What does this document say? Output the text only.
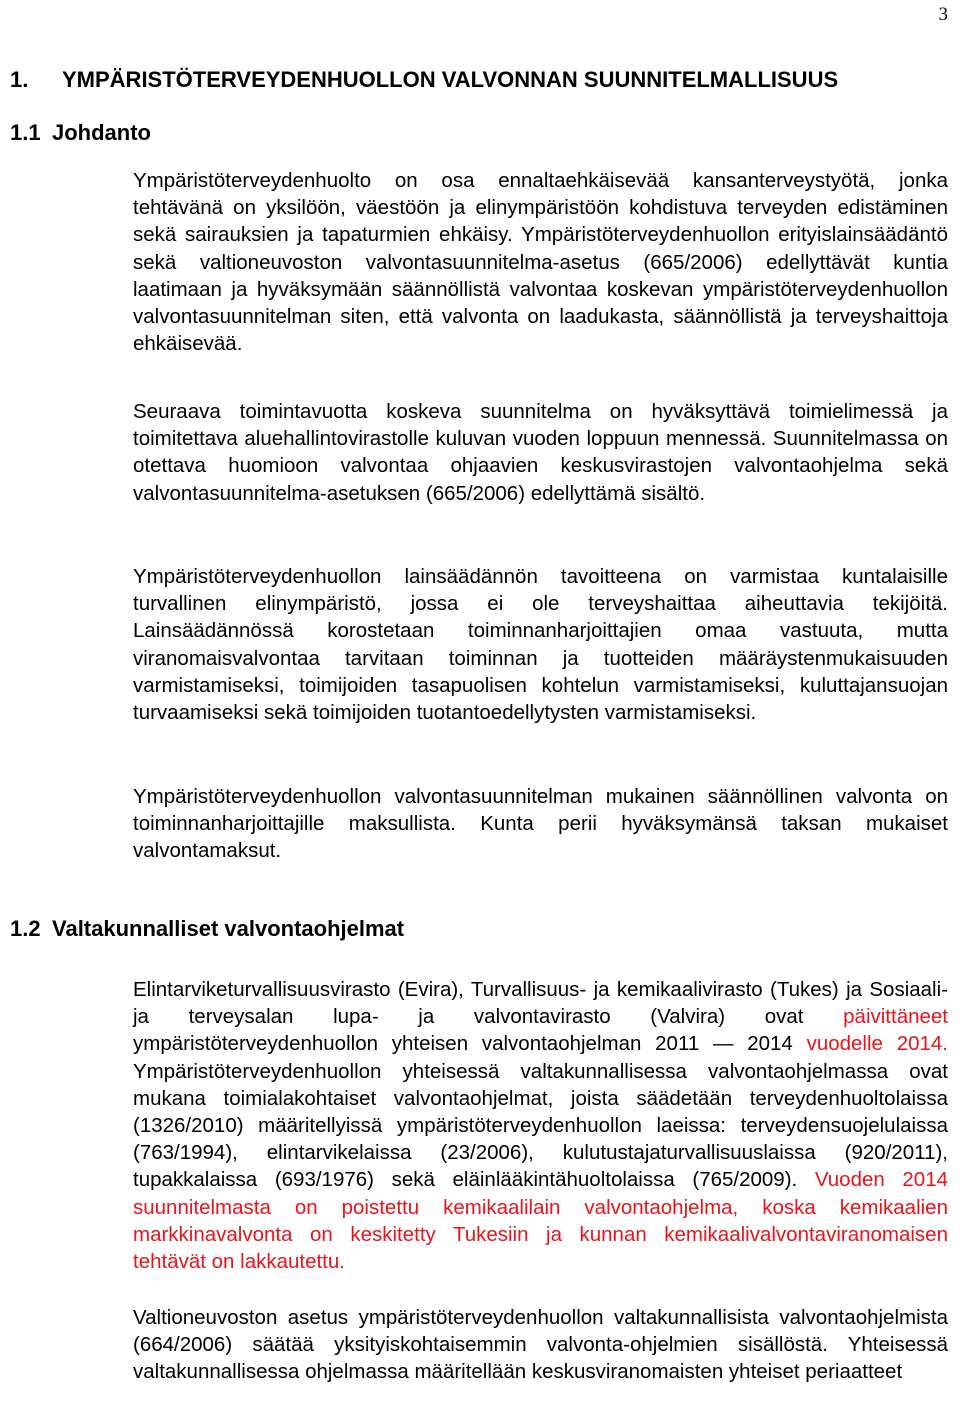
3
1. YMPÄRISTÖTERVEYDENHUOLLON VALVONNAN SUUNNITELMALLISUUS
1.1 Johdanto

Ympäristöterveydenhuolto on osa ennaltaehkäisevää kansanterveystyötä, jonka tehtävänä on yksilöön, väestöön ja elinympäristöön kohdistuva terveyden edistäminen sekä sairauksien ja tapaturmien ehkäisy. Ympäristöterveydenhuollon erityislainsäädäntö sekä valtioneuvoston valvontasuunnitelma-asetus (665/2006) edellyttävät kuntia laatimaan ja hyväksymään säännöllistä valvontaa koskevan ympäristöterveydenhuollon valvontasuunnitelman siten, että valvonta on laadukasta, säännöllistä ja terveyshaittoja ehkäisevää.

Seuraava toimintavuotta koskeva suunnitelma on hyväksyttävä toimielimessä ja toimitettava aluehallintovirastolle kuluvan vuoden loppuun mennessä. Suunnitelmassa on otettava huomioon valvontaa ohjaavien keskusvirastojen valvontaohjelma sekä valvontasuunnitelma-asetuksen (665/2006) edellyttämä sisältö.

Ympäristöterveydenhuollon lainsäädännön tavoitteena on varmistaa kuntalaisille turvallinen elinympäristö, jossa ei ole terveyshaittaa aiheuttavia tekijöitä. Lainsäädännössä korostetaan toiminnanharjoittajien omaa vastuuta, mutta viranomaisvalvontaa tarvitaan toiminnan ja tuotteiden määräystenmukaisuuden varmistamiseksi, toimijoiden tasapuolisen kohtelun varmistamiseksi, kuluttajansuojan turvaamiseksi sekä toimijoiden tuotantoedellytysten varmistamiseksi.

Ympäristöterveydenhuollon valvontasuunnitelman mukainen säännöllinen valvonta on toiminnanharjoittajille maksullista. Kunta perii hyväksymänsä taksan mukaiset valvontamaksut.

1.2 Valtakunnalliset valvontaohjelmat

Elintarviketurvallisuusvirasto (Evira), Turvallisuus- ja kemikaalivirasto (Tukes) ja Sosiaali- ja terveysalan lupa- ja valvontavirasto (Valvira) ovat päivittäneet ympäristöterveydenhuollon yhteisen valvontaohjelman 2011 — 2014 vuodelle 2014. Ympäristöterveydenhuollon yhteisessä valtakunnallisessa valvontaohjelmassa ovat mukana toimialakohtaiset valvontaohjelmat, joista säädetään terveydenhuoltolaissa (1326/2010) määritellyissä ympäristöterveydenhuollon laeissa: terveydensuojelulaissa (763/1994), elintarvikelaissa (23/2006), kulutustajaturvallisuuslaissa (920/2011), tupakkalaissa (693/1976) sekä eläinlääkintähuoltolaissa (765/2009). Vuoden 2014 suunnitelmasta on poistettu kemikaalilain valvontaohjelma, koska kemikaalien markkinavalvonta on keskitetty Tukesiin ja kunnan kemikaalivalvontaviranomaisen tehtävät on lakkautettu.

Valtioneuvoston asetus ympäristöterveydenhuollon valtakunnallisista valvontaohjelmista (664/2006) säätää yksityiskohtaisemmin valvonta-ohjelmien sisällöstä. Yhteisessä valtakunnallisessa ohjelmassa määritellään keskusviranomaisten yhteiset periaatteet
